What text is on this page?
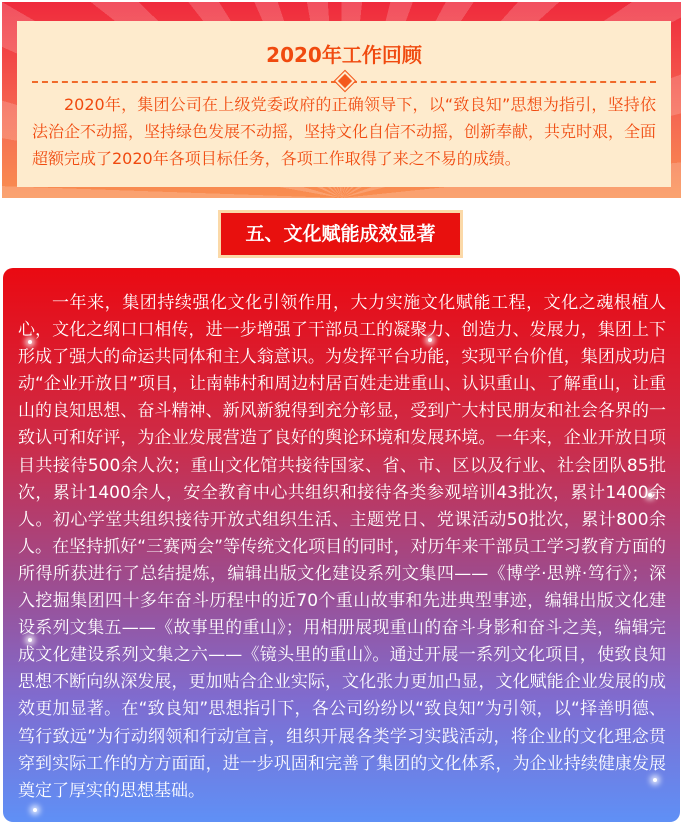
2020年工作回顾
2020年，集团公司在上级党委政府的正确领导下，以“致良知”思想为指引，坚持依法治企不动摇，坚持绿色发展不动摇，坚持文化自信不动摇，创新奉献，共克时艰，全面超额完成了2020年各项目标任务，各项工作取得了来之不易的成绩。
五、文化赋能成效显著
一年来，集团持续强化文化引领作用，大力实施文化赋能工程，文化之魂根植人心，文化之纲口口相传，进一步增强了干部员工的凝聚力、创造力、发展力，集团上下形成了强大的命运共同体和主人翁意识。为发挥平台功能，实现平台价值，集团成功启动“企业开放日”项目，让南韩村和周边村居百姓走进重山、认识重山、了解重山，让重山的良知思想、奋斗精神、新风新貌得到充分彰显，受到广大村民朋友和社会各界的一致认可和好评，为企业发展营造了良好的舆论环境和发展环境。一年来，企业开放日项目共接待500余人次；重山文化馆共接待国家、省、市、区以及行业、社会团队85批次，累计1400余人，安全教育中心共组织和接待各类参观培训43批次，累计1400余人。初心学堂共组织接待开放式组织生活、主题党日、党课活动50批次，累计800余人。在坚持抓好“三赛两会”等传统文化项目的同时，对历年来干部员工学习教育方面的所得所获进行了总结提炼，编辑出版文化建设系列文集四——《博学·思辨·笃行》；深入挖掘集团四十多年奋斗历程中的近70个重山故事和先进典型事迹，编辑出版文化建设系列文集五——《故事里的重山》；用相册展现重山的奋斗身影和奋斗之美，编辑完成文化建设系列文集之六——《镜头里的重山》。通过开展一系列文化项目，使致良知思想不断向纵深发展，更加贴合企业实际，文化张力更加凸显，文化赋能企业发展的成效更加显著。在“致良知”思想指引下，各公司纷纷以“致良知”为引领，以“择善明德、笃行致远”为行动纲领和行动宣言，组织开展各类学习实践活动，将企业的文化理念贯穿到实际工作的方方面面，进一步巩固和完善了集团的文化体系，为企业持续健康发展奠定了厚实的思想基础。
